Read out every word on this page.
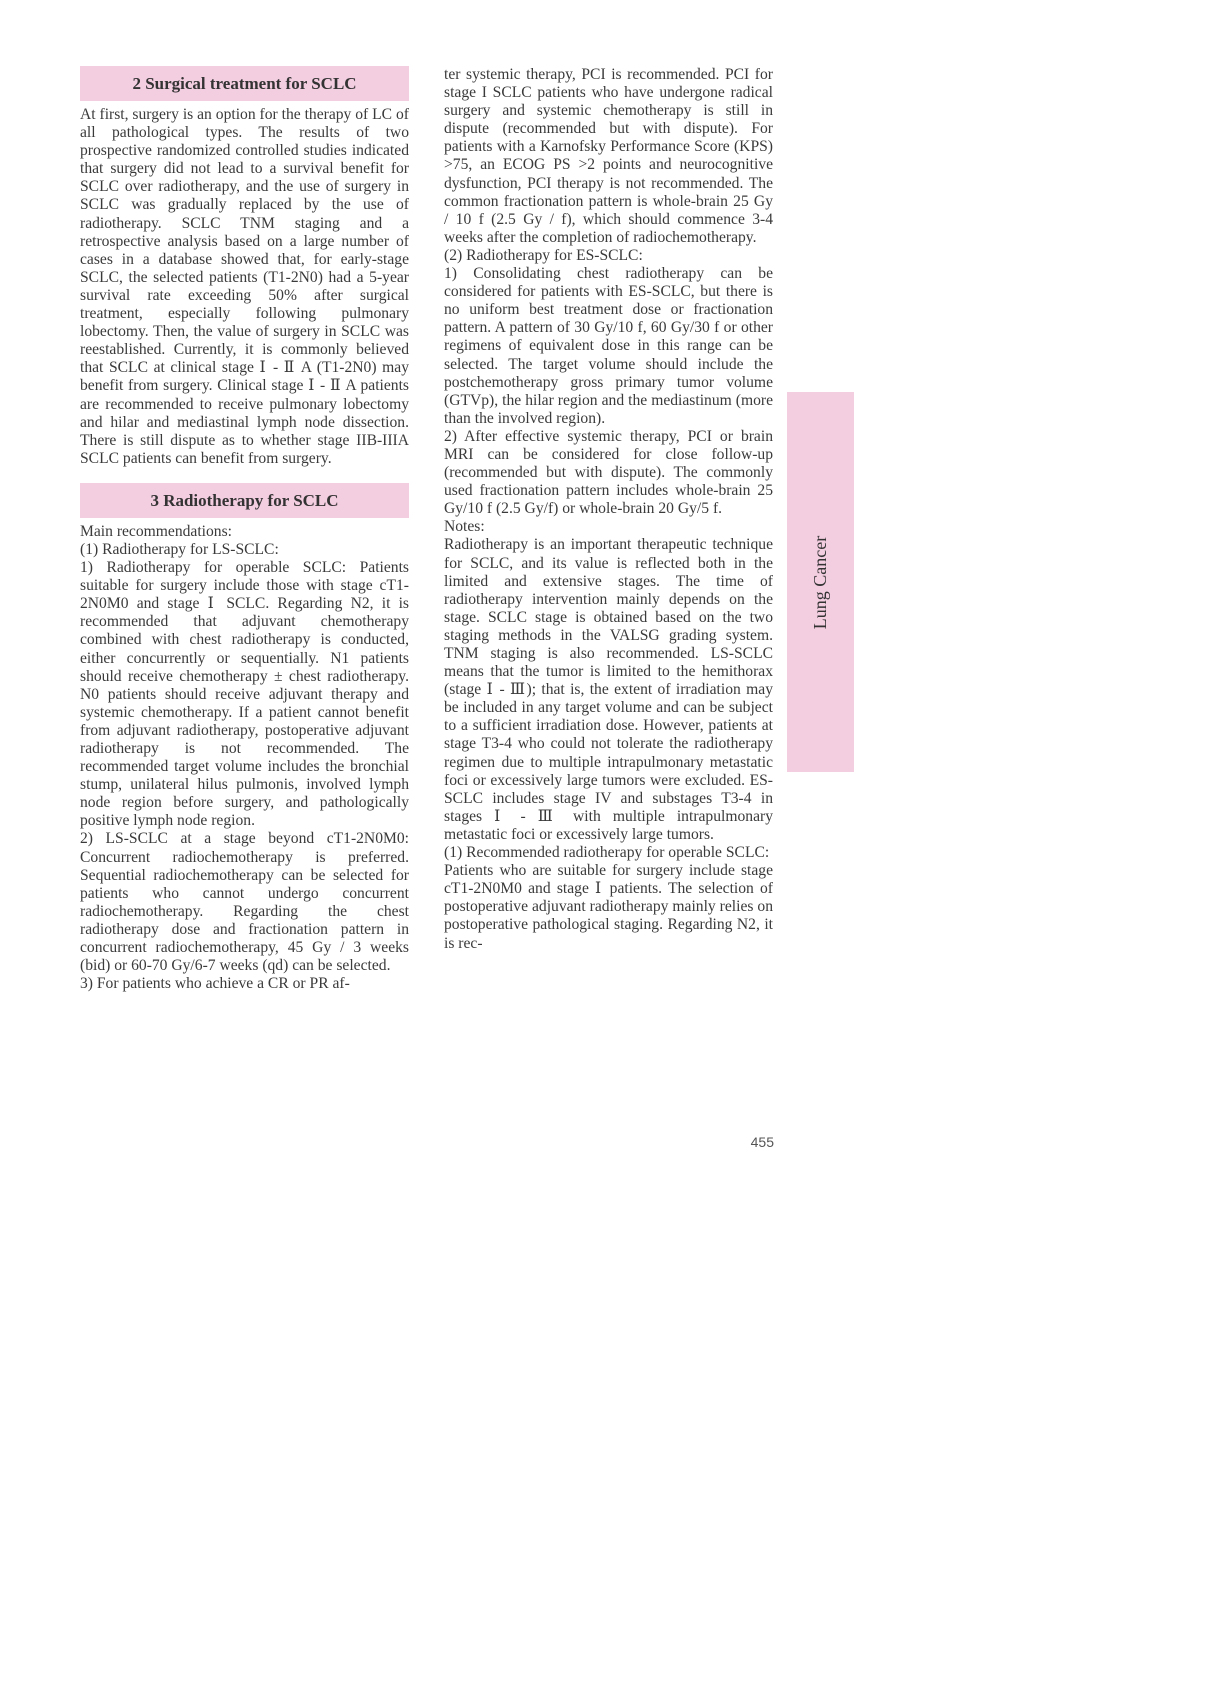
2 Surgical treatment for SCLC

At first, surgery is an option for the therapy of LC of all pathological types. The results of two prospective randomized controlled studies indicated that surgery did not lead to a survival benefit for SCLC over radiotherapy, and the use of surgery in SCLC was gradually replaced by the use of radiotherapy. SCLC TNM staging and a retrospective analysis based on a large number of cases in a database showed that, for early-stage SCLC, the selected patients (T1-2N0) had a 5-year survival rate exceeding 50% after surgical treatment, especially following pulmonary lobectomy. Then, the value of surgery in SCLC was reestablished. Currently, it is commonly believed that SCLC at clinical stage Ⅰ - Ⅱ A (T1-2N0) may benefit from surgery. Clinical stage Ⅰ - Ⅱ A patients are recommended to receive pulmonary lobectomy and hilar and mediastinal lymph node dissection. There is still dispute as to whether stage IIB-IIIA SCLC patients can benefit from surgery.

3 Radiotherapy for SCLC

Main recommendations:

(1) Radiotherapy for LS-SCLC:

1) Radiotherapy for operable SCLC: Patients suitable for surgery include those with stage cT1-2N0M0 and stage Ⅰ SCLC. Regarding N2, it is recommended that adjuvant chemotherapy combined with chest radiotherapy is conducted, either concurrently or sequentially. N1 patients should receive chemotherapy ± chest radiotherapy. N0 patients should receive adjuvant therapy and systemic chemotherapy. If a patient cannot benefit from adjuvant radiotherapy, postoperative adjuvant radiotherapy is not recommended. The recommended target volume includes the bronchial stump, unilateral hilus pulmonis, involved lymph node region before surgery, and pathologically positive lymph node region.

2) LS-SCLC at a stage beyond cT1-2N0M0: Concurrent radiochemotherapy is preferred. Sequential radiochemotherapy can be selected for patients who cannot undergo concurrent radiochemotherapy. Regarding the chest radiotherapy dose and fractionation pattern in concurrent radiochemotherapy, 45 Gy / 3 weeks (bid) or 60-70 Gy/6-7 weeks (qd) can be selected.

3) For patients who achieve a CR or PR af-

ter systemic therapy, PCI is recommended. PCI for stage I SCLC patients who have undergone radical surgery and systemic chemotherapy is still in dispute (recommended but with dispute). For patients with a Karnofsky Performance Score (KPS) >75, an ECOG PS >2 points and neurocognitive dysfunction, PCI therapy is not recommended. The common fractionation pattern is whole-brain 25 Gy / 10 f (2.5 Gy / f), which should commence 3-4 weeks after the completion of radiochemotherapy.

(2) Radiotherapy for ES-SCLC:

1) Consolidating chest radiotherapy can be considered for patients with ES-SCLC, but there is no uniform best treatment dose or fractionation pattern. A pattern of 30 Gy/10 f, 60 Gy/30 f or other regimens of equivalent dose in this range can be selected. The target volume should include the postchemotherapy gross primary tumor volume (GTVp), the hilar region and the mediastinum (more than the involved region).

2) After effective systemic therapy, PCI or brain MRI can be considered for close follow-up (recommended but with dispute). The commonly used fractionation pattern includes whole-brain 25 Gy/10 f (2.5 Gy/f) or whole-brain 20 Gy/5 f.

Notes:

Radiotherapy is an important therapeutic technique for SCLC, and its value is reflected both in the limited and extensive stages. The time of radiotherapy intervention mainly depends on the stage. SCLC stage is obtained based on the two staging methods in the VALSG grading system. TNM staging is also recommended. LS-SCLC means that the tumor is limited to the hemithorax (stage Ⅰ - Ⅲ); that is, the extent of irradiation may be included in any target volume and can be subject to a sufficient irradiation dose. However, patients at stage T3-4 who could not tolerate the radiotherapy regimen due to multiple intrapulmonary metastatic foci or excessively large tumors were excluded. ES-SCLC includes stage IV and substages T3-4 in stages Ⅰ - Ⅲ with multiple intrapulmonary metastatic foci or excessively large tumors.

(1) Recommended radiotherapy for operable SCLC:

Patients who are suitable for surgery include stage cT1-2N0M0 and stage Ⅰ patients. The selection of postoperative adjuvant radiotherapy mainly relies on postoperative pathological staging. Regarding N2, it is rec-

Lung Cancer
455
